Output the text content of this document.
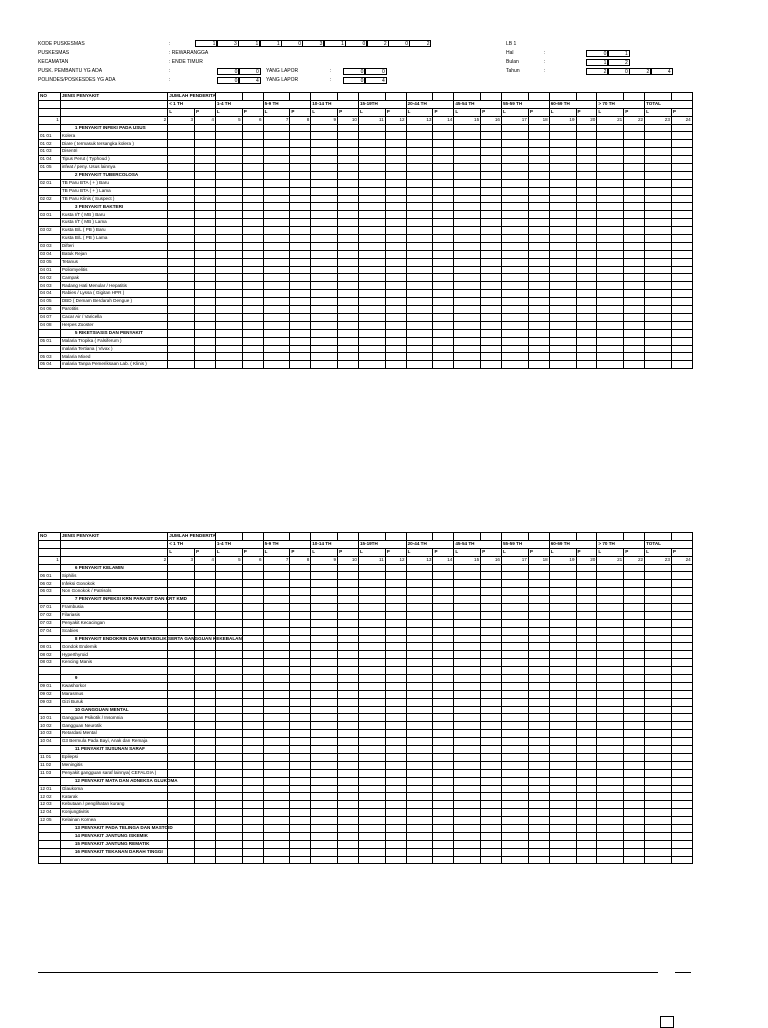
KODE PUSKESMAS	:	1	3	1	1	0	3	1	0	2	0	2	LB 1
PUSKESMAS	: REWARANGGA	Hal	:	0	1
KECAMATAN	: ENDE TIMUR	Bulan	:	1	2
PUSK. PEMBANTU YG ADA	:	0	0	YANG LAPOR	:	0	0	Tahun	:	2	0	2	4
POLINDES/POSKESDES YG ADA	:	0	4	YANG LAPOR	:	0	4
NO	JENIS PENYAKIT	JUMLAH PENDERITA																					
		< 1 TH		1-4 TH		5-9 TH		10-14 TH		15-19TH		20-44 TH		45-54 TH		55-59 TH		60-69 TH		> 70 TH		TOTAL	
		L	P	L	P	L	P	L	P	L	P	L	P	L	P	L	P	L	P	L	P	L	P
1	2	3	4	5	6	7	8	9	10	11	12	13	14	15	16	17	18	19	20	21	22	23	24
	1 PENYAKIT INFEKI PADA USUS																						
01 01	Kolera																						
01 02	Diare ( termasuk tersangka kolera )																						
01 03	Disentri																						
01 04	Tipus Perut ( Typhoud )																						
01 05	infeat / peny. Usus lainnya																						
	2 PENYAKIT TUBERCOLOSA																						
02 01	TB Paru BTA ( + ) Baru																						
	TB Paru BTA ( + ) Lama																						
02 02	TB Paru Klinis ( Suspect )																						
	3 PENYAKIT BAKTERI																						
03 01	Kusta I/T ( MB ) Baru																						
	Kusta I/T ( MB ) Lama																						
03 02	Kusta B/L ( PB ) Baru																						
	Kusta B/L ( PB ) Lama																						
03 03	Difteri																						
03 04	Batuk Rejan																						
03 05	Tetanus																						
04 01	Poliomyelitis																						
04 02	Campak																						
04 03	Radang Hati Menular / Hepatitis																						
04 04	Rabies / Lyssa ( Gigitan HPR )																						
04 05	DBD ( Demam Berdarah Dengue )																						
04 06	Parotitis																						
04 07	Cacar Air / Varicella																						
04 08	Herpes Zooster																						
	5 RIKETSIASIS DAN PENYAKIT																						
05 01	Malaria Tropika ( Falsiferum )																						
	malaria Tertiana ( Vivax )																						
05 03	Malaria Mixed																						
05 04	malaria Tanpa Pemeriksaan Lab. ( Klinis )																						
NO	JENIS PENYAKIT	JUMLAH PENDERITA																					
		< 1 TH		1-4 TH		5-9 TH		10-14 TH		15-19TH		20-44 TH		45-54 TH		55-59 TH		60-69 TH		> 70 TH		TOTAL	
		L	P	L	P	L	P	L	P	L	P	L	P	L	P	L	P	L	P	L	P	L	P
1	2	3	4	5	6	7	8	9	10	11	12	13	14	15	16	17	18	19	20	21	22	23	24
	6 PENYAKIT KELAMIN																						
06 01	Siphilis																						
06 02	Infeksi Gonokok																						
06 03	Non Gonokok / Patrisols																						
	7 PENYAKIT INFEKSI KRN PARASIT DAN KRT KMD																						
07 01	Frambusia																						
07 02	Filariasis																						
07 03	Penyakit Kecacingan																						
07 04	Scabies																						
	8 PENYAKIT ENDOKRIN DAN METABOLIK SERTA GANGGUAN KEKEBALAN																						
08 01	Gondok Endemik																						
08 02	Hyperthyroid																						
08 03	Kencing Manis																						

	9																						
09 01	Kwashorkor																						
09 02	Marasmus																						
09 03	Gizi Buruk																						
	10 GANGGUAN MENTAL																						
10 01	Gangguan Psikotik / Insomnia																						
10 02	Gangguan Neurotik																						
10 03	Retardasi Mental																						
10 04	G3 Bermula Pada Bayi, Anak dan Remaja																						
	11 PENYAKIT SUSUNAN SARAF																						
11 01	Epilepsi																						
11 02	Meningitis																						
11 03	Penyakit gangguan saraf lainnya( CEFALGIA )																						
	12 PENYAKIT MATA DAN ADNEKSA GLUKOMA																						
12 01	Glaukoma																						
12 02	Katarak																						
12 03	Kebutaan / penglihatan kurang																						
12 04	Konjungtivitis																						
12 05	Kelainan Kornea																						
	13 PENYAKIT PADA TELINGA DAN MASTOID																						
	14 PENYAKIT JANTUNG ISKEMIK																						
	15 PENYAKIT JANTUNG REMATIK																						
	16 PENYAKIT TEKANAN DARAH TINGGI																						
